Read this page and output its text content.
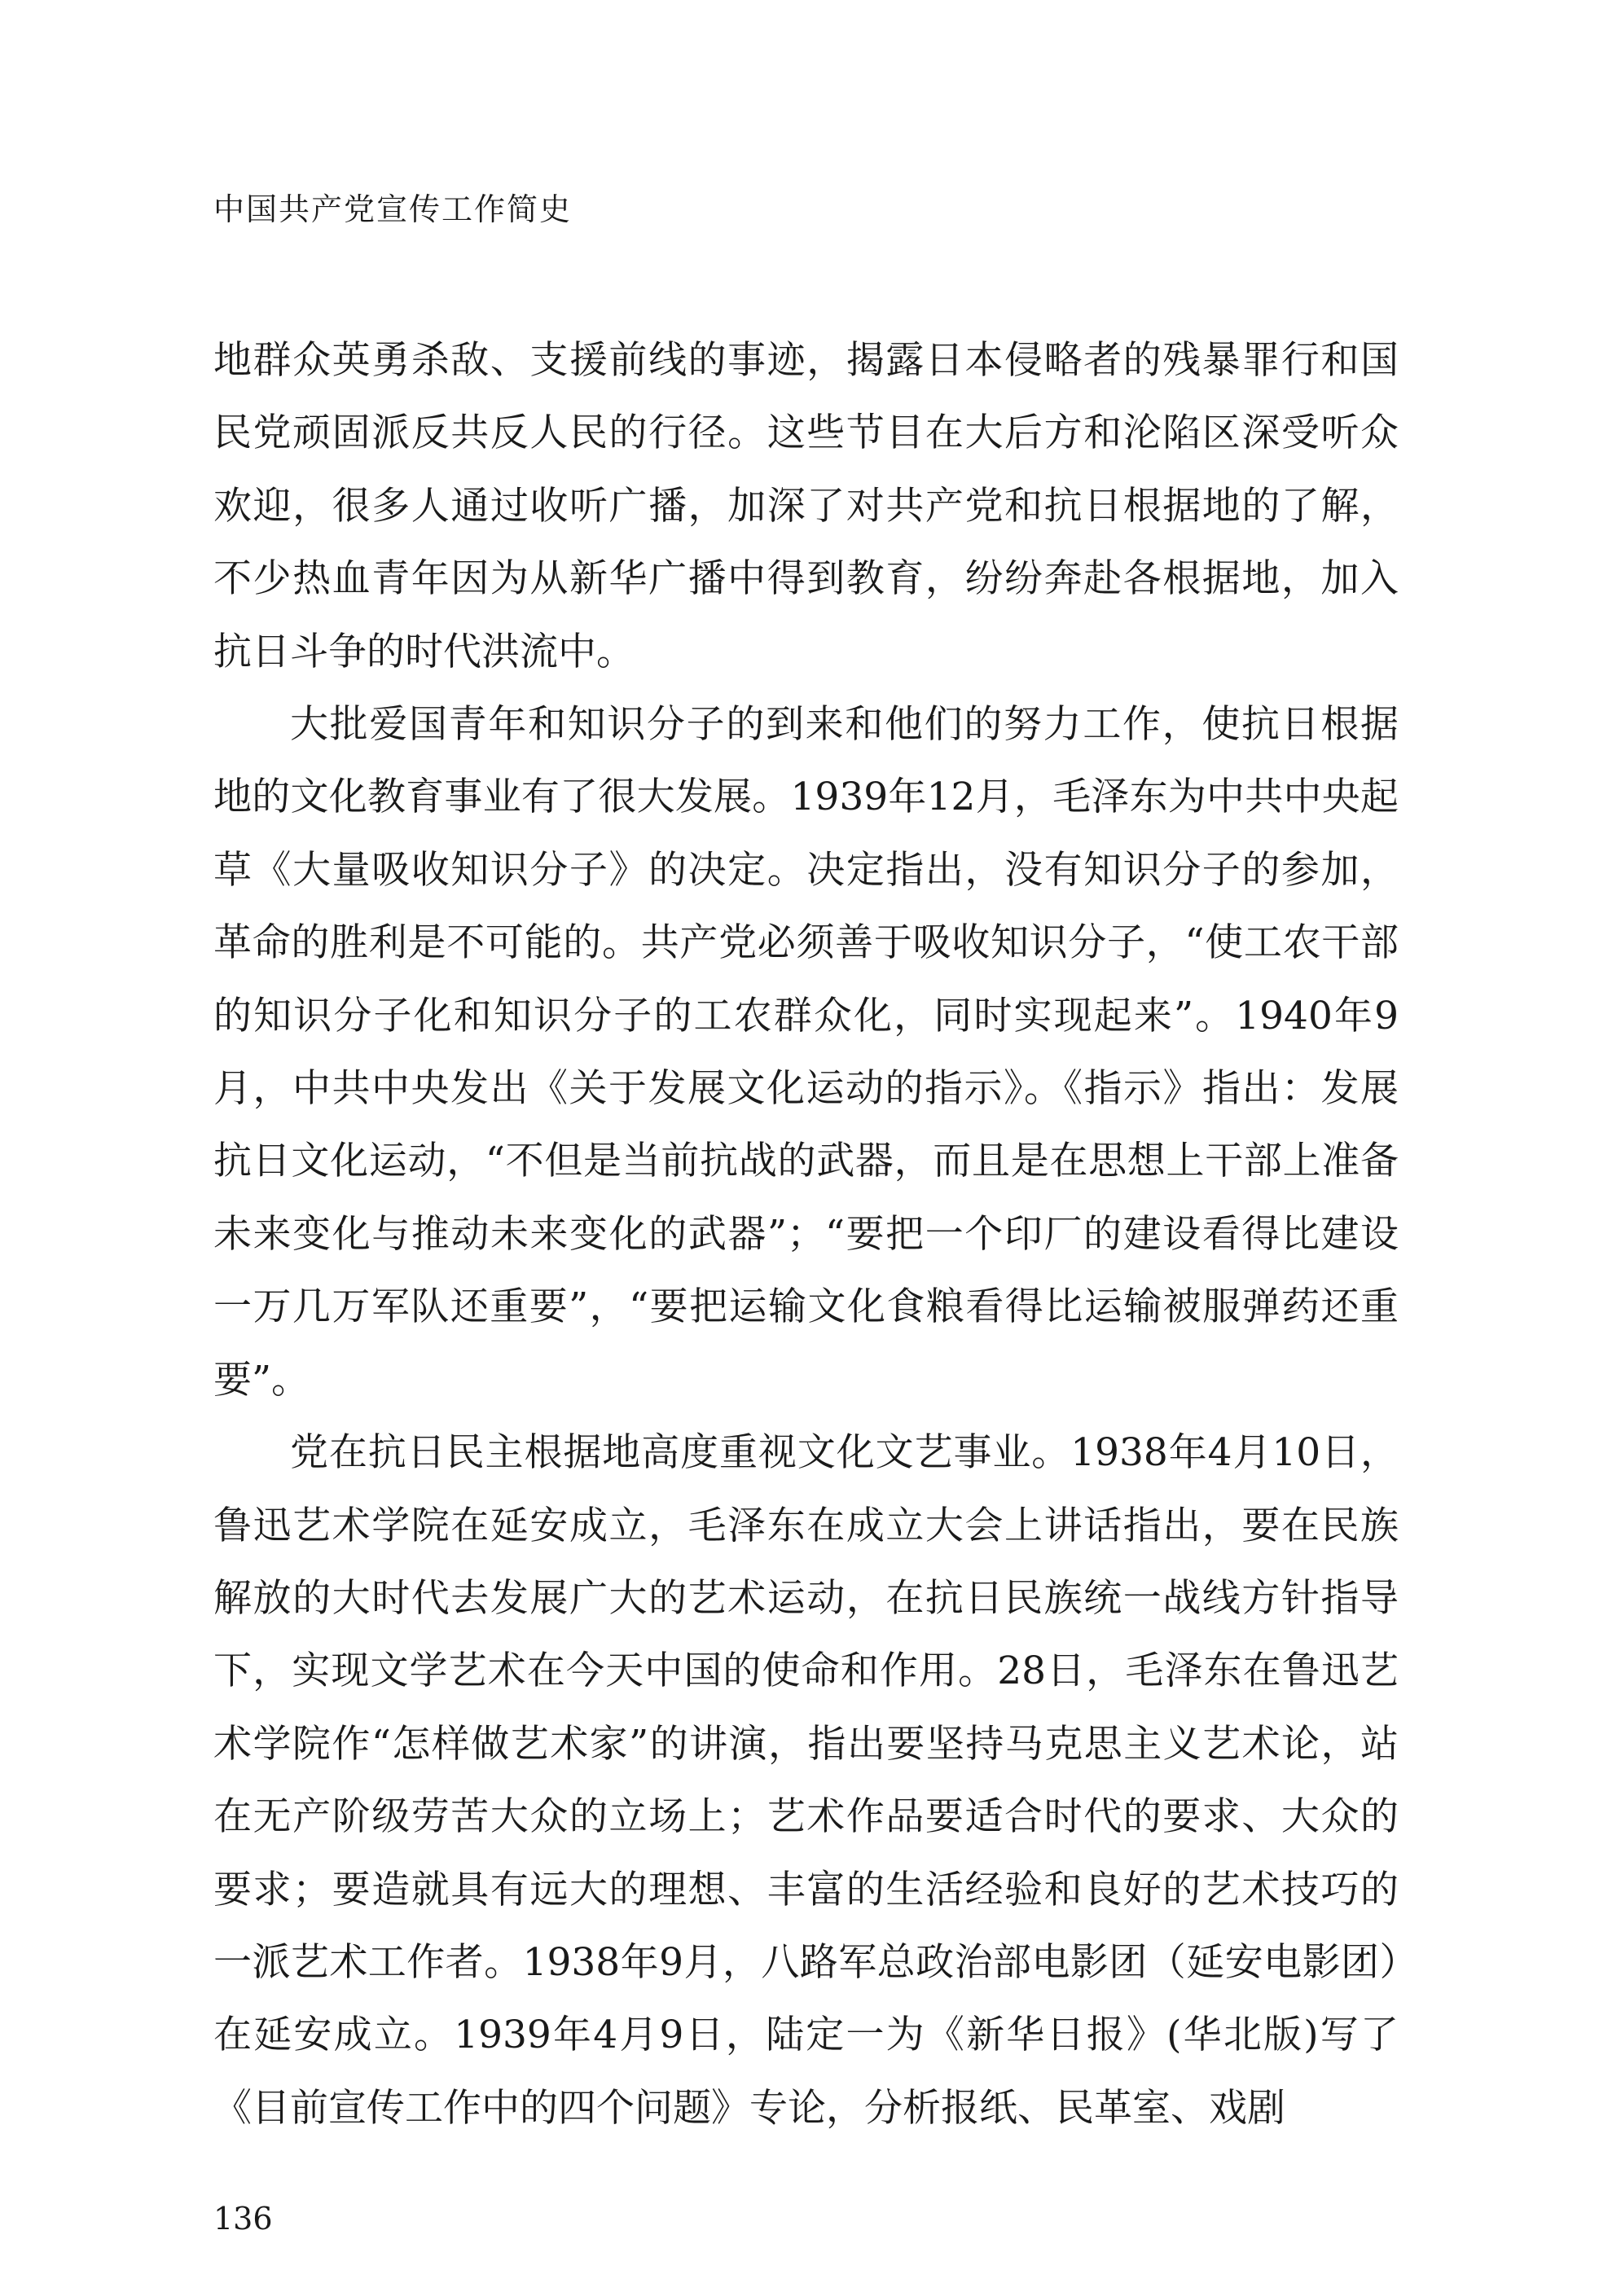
中国共产党宣传工作简史

地群众英勇杀敌、支援前线的事迹，揭露日本侵略者的残暴罪行和国民党顽固派反共反人民的行径。这些节目在大后方和沦陷区深受听众欢迎，很多人通过收听广播，加深了对共产党和抗日根据地的了解，不少热血青年因为从新华广播中得到教育，纷纷奔赴各根据地，加入抗日斗争的时代洪流中。

大批爱国青年和知识分子的到来和他们的努力工作，使抗日根据地的文化教育事业有了很大发展。1939年12月，毛泽东为中共中央起草《大量吸收知识分子》的决定。决定指出，没有知识分子的参加，革命的胜利是不可能的。共产党必须善于吸收知识分子，“使工农干部的知识分子化和知识分子的工农群众化，同时实现起来”。1940年9月，中共中央发出《关于发展文化运动的指示》。《指示》指出：发展抗日文化运动，“不但是当前抗战的武器，而且是在思想上干部上准备未来变化与推动未来变化的武器”；“要把一个印厂的建设看得比建设一万几万军队还重要”，“要把运输文化食粮看得比运输被服弹药还重要”。

党在抗日民主根据地高度重视文化文艺事业。1938年4月10日，鲁迅艺术学院在延安成立，毛泽东在成立大会上讲话指出，要在民族解放的大时代去发展广大的艺术运动，在抗日民族统一战线方针指导下，实现文学艺术在今天中国的使命和作用。28日，毛泽东在鲁迅艺术学院作“怎样做艺术家”的讲演，指出要坚持马克思主义艺术论，站在无产阶级劳苦大众的立场上；艺术作品要适合时代的要求、大众的要求；要造就具有远大的理想、丰富的生活经验和良好的艺术技巧的一派艺术工作者。1938年9月，八路军总政治部电影团（延安电影团）在延安成立。1939年4月9日，陆定一为《新华日报》(华北版)写了《目前宣传工作中的四个问题》专论，分析报纸、民革室、戏剧

136
